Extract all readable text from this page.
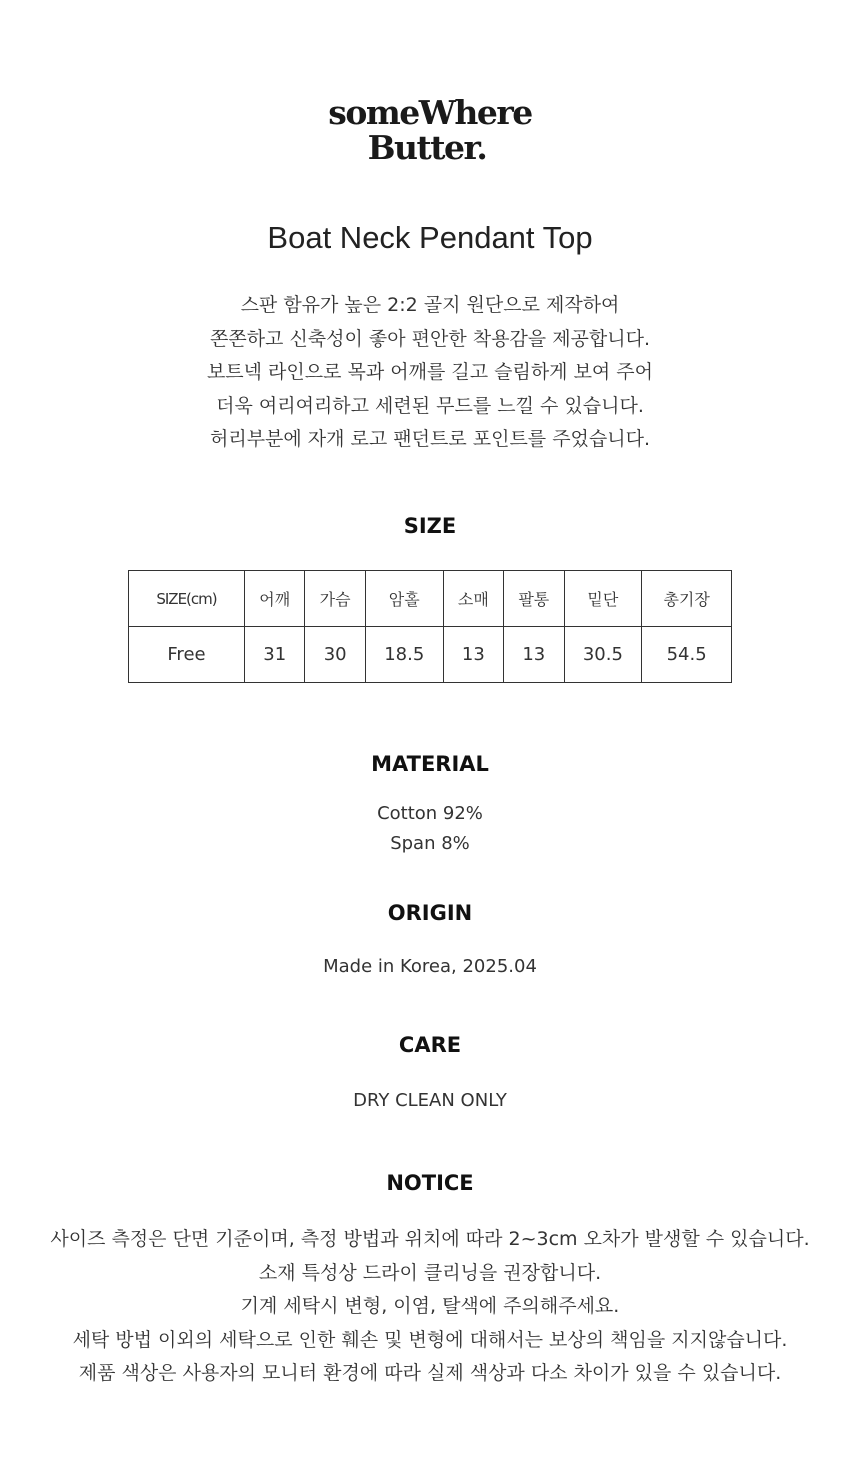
someWhere
Butter.
Boat Neck Pendant Top
스판 함유가 높은 2:2 골지 원단으로 제작하여
쫀쫀하고 신축성이 좋아 편안한 착용감을 제공합니다.
보트넥 라인으로 목과 어깨를 길고 슬림하게 보여 주어
더욱 여리여리하고 세련된 무드를 느낄 수 있습니다.
허리부분에 자개 로고 팬던트로 포인트를 주었습니다.
SIZE
SIZE(cm)	어깨	가슴	암홀	소매	팔통	밑단	총기장
Free	31	30	18.5	13	13	30.5	54.5
MATERIAL
Cotton 92%
Span 8%
ORIGIN
Made in Korea, 2025.04
CARE
DRY CLEAN ONLY
NOTICE
사이즈 측정은 단면 기준이며, 측정 방법과 위치에 따라 2~3cm 오차가 발생할 수 있습니다.
소재 특성상 드라이 클리닝을 권장합니다.
기계 세탁시 변형, 이염, 탈색에 주의해주세요.
세탁 방법 이외의 세탁으로 인한 훼손 및 변형에 대해서는 보상의 책임을 지지않습니다.
제품 색상은 사용자의 모니터 환경에 따라 실제 색상과 다소 차이가 있을 수 있습니다.
